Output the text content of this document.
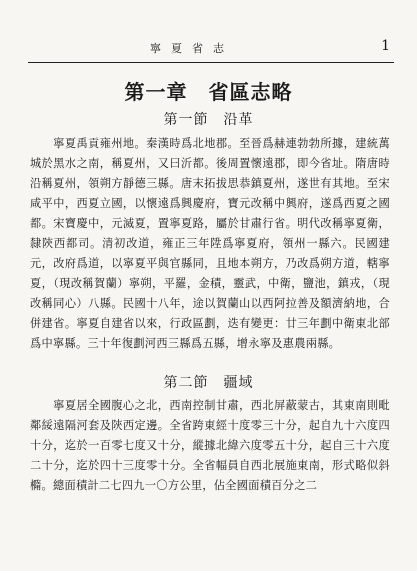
寧夏省志	1
第一章　省區志略
第一節　沿革

　　寧夏禹貢雍州地。秦漢時爲北地郡。至晉爲赫連勃勃所據，建統萬城於黑水之南，稱夏州，又曰沂都。後周置懷遠郡，即今省址。隋唐時沿稱夏州，領朔方靜德三縣。唐末拓拔思恭鎮夏州，遂世有其地。至宋咸平中，西夏立國，以懷遠爲興慶府，寶元改稱中興府，遂爲西夏之國都。宋寶慶中，元滅夏，置寧夏路，屬於甘肅行省。明代改稱寧夏衛，隸陝西都司。清初改道，雍正三年陞爲寧夏府，領州一縣六。民國建元，改府爲道，以寧夏平與官縣同，且地本朔方，乃改爲朔方道，轄寧夏，（現改稱賀蘭）寧朔，平羅，金積，靈武，中衛，鹽池，鎮戎，（現改稱同心）八縣。民國十八年，途以賀蘭山以西阿拉善及額濟納地，合併建省。寧夏自建省以來，行政區劃，迭有變更：廿三年劃中衛東北部爲中寧縣。三十年復劃河西三縣爲五縣，增永寧及惠農兩縣。

第二節　疆域

　　寧夏居全國腹心之北，西南控制甘肅，西北屏蔽蒙古，其東南則毗鄰綏遠隔河套及陝西定邊。全省跨東經十度零三十分，起自九十六度四十分，迄於一百零七度又十分，縱據北緯六度零五十分，起自三十六度二十分，迄於四十三度零十分。全省幅員自西北展施東南，形式略似斜橢。總面積計二七四九一〇方公里，佔全國面積百分之二
